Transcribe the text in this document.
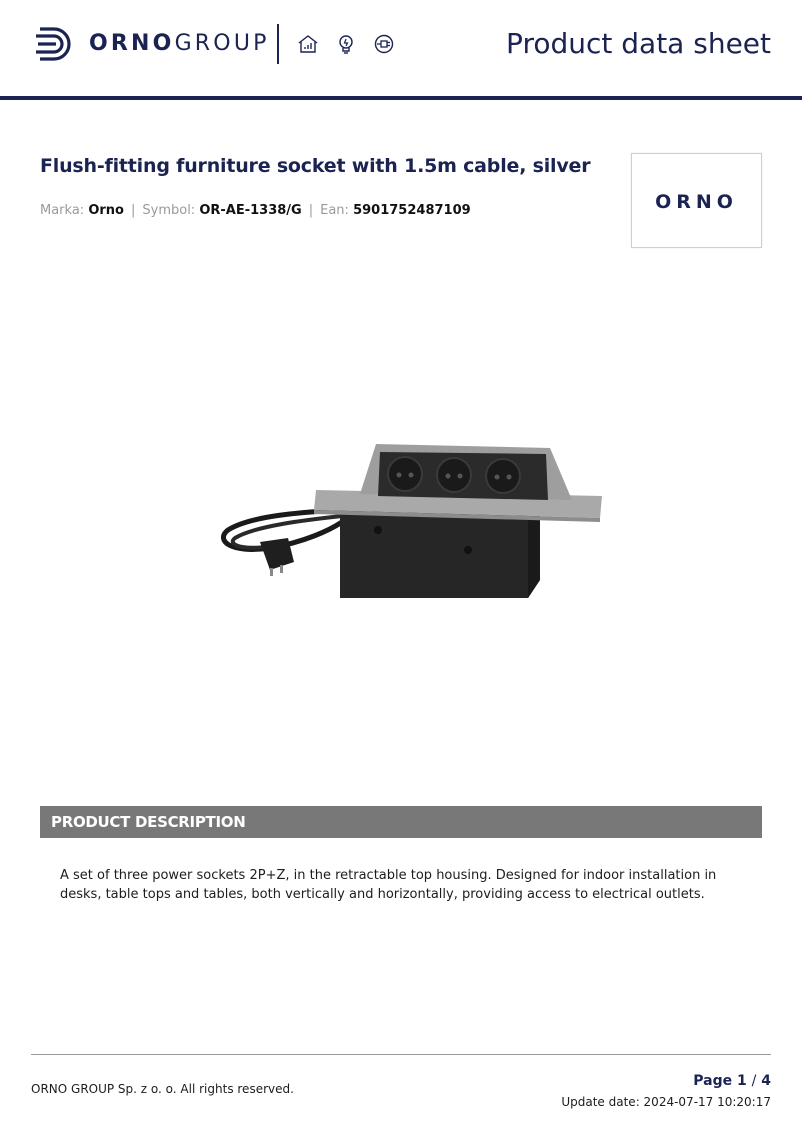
ORNOGROUP	Product data sheet
Flush-fitting furniture socket with 1.5m cable, silver
Marka: Orno | Symbol: OR-AE-1338/G | Ean: 5901752487109	ORNO
PRODUCT DESCRIPTION
A set of three power sockets 2P+Z, in the retractable top housing. Designed for indoor installation in desks, table tops and tables, both vertically and horizontally, providing access to electrical outlets.
ORNO GROUP Sp. z o. o. All rights reserved.	Page 1 / 4
Update date: 2024-07-17 10:20:17
